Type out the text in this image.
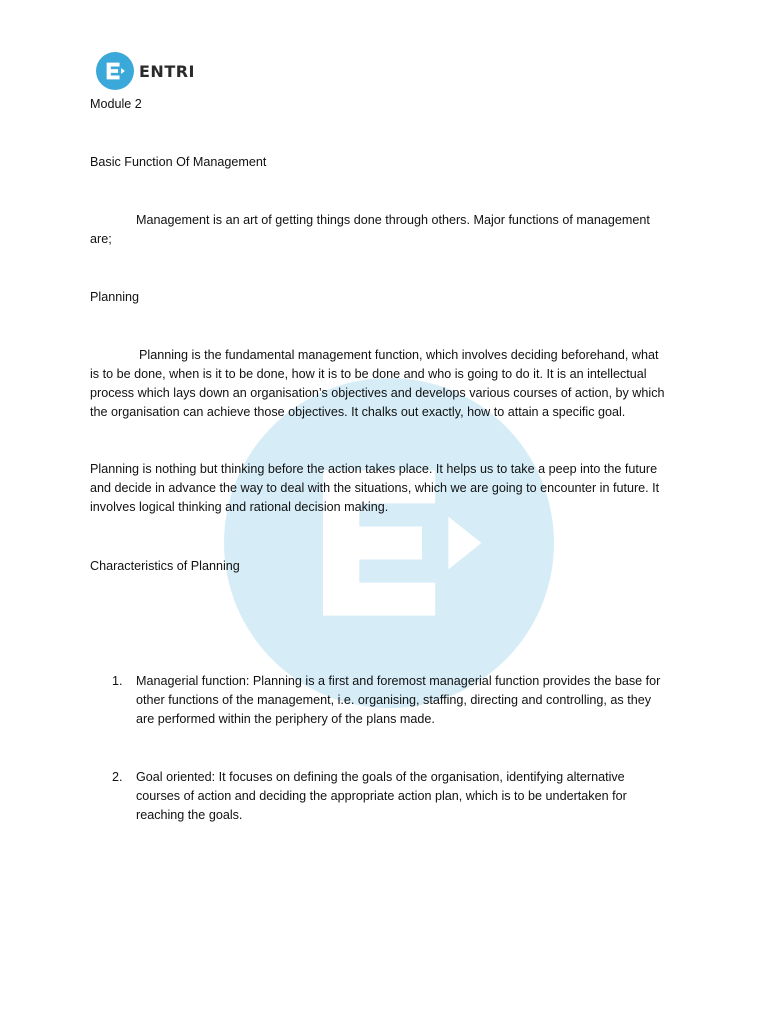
ENTRI

Module 2

Basic Function Of Management

Management is an art of getting things done through others. Major functions of management

are;

Planning

Planning is the fundamental management function, which involves deciding beforehand, what

is to be done, when is it to be done, how it is to be done and who is going to do it. It is an intellectual

process which lays down an organisation’s objectives and develops various courses of action, by which

the organisation can achieve those objectives. It chalks out exactly, how to attain a specific goal.

Planning is nothing but thinking before the action takes place. It helps us to take a peep into the future

and decide in advance the way to deal with the situations, which we are going to encounter in future. It

involves logical thinking and rational decision making.

Characteristics of Planning

1. Managerial function: Planning is a first and foremost managerial function provides the base for
other functions of the management, i.e. organising, staffing, directing and controlling, as they
are performed within the periphery of the plans made.
2. Goal oriented: It focuses on defining the goals of the organisation, identifying alternative
courses of action and deciding the appropriate action plan, which is to be undertaken for
reaching the goals.
